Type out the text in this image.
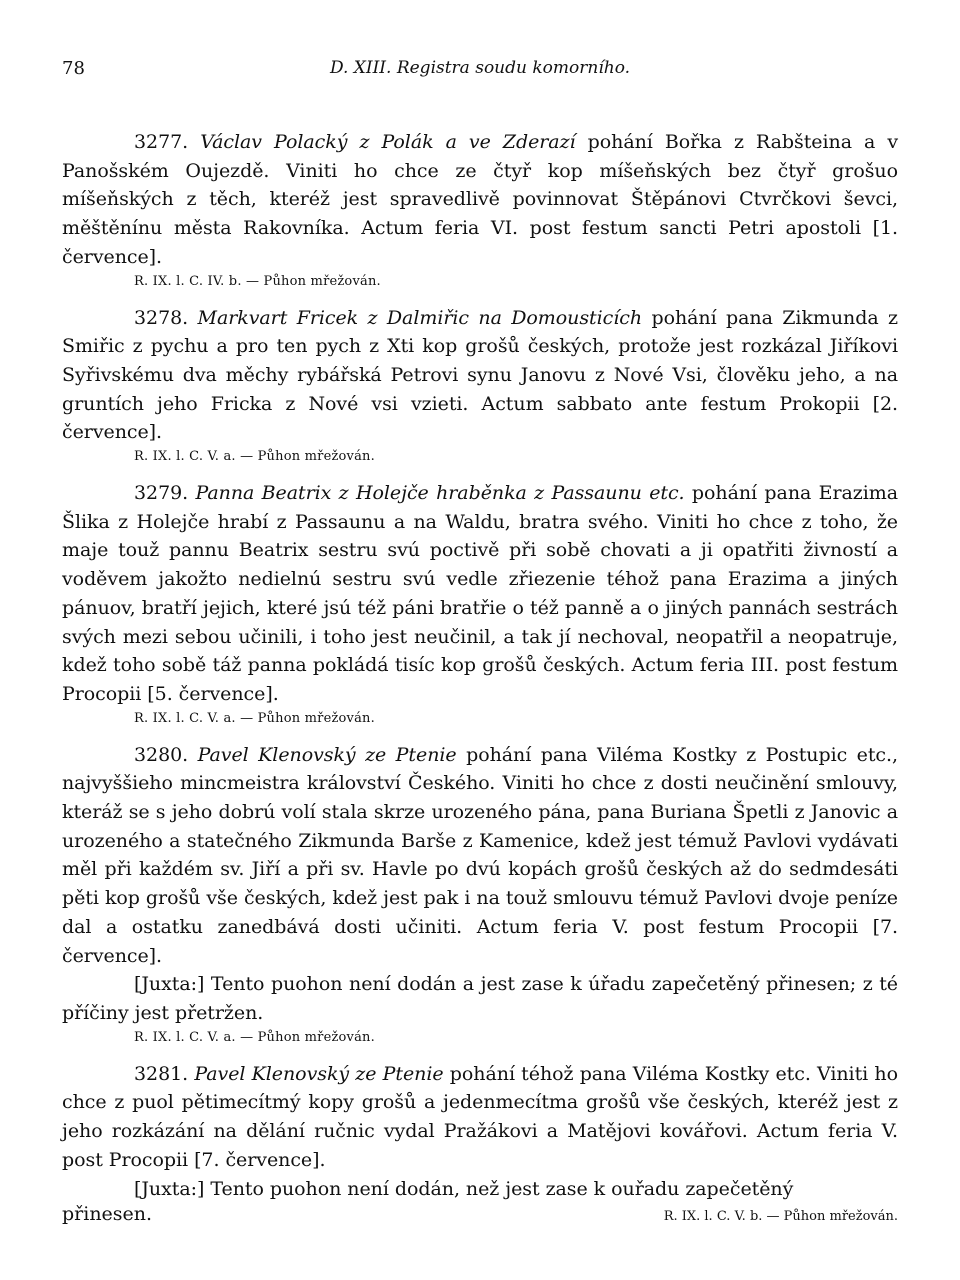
78	D. XIII. Registra soudu komorního.

3277. Václav Polacký z Polák a ve Zderazí pohání Bořka z Rabšteina a v Panošském Oujezdě. Viniti ho chce ze čtyř kop míšeňských bez čtyř grošuo míšeňských z těch, kteréž jest spravedlivě povinnovat Štěpánovi Ctvrčkovi ševci, měštěnínu města Rakovníka. Actum feria VI. post festum sancti Petri apostoli [1. července].

R. IX. l. C. IV. b. — Půhon mřežován.

3278. Markvart Fricek z Dalmiřic na Domousticích pohání pana Zikmunda z Smiřic z pychu a pro ten pych z Xti kop grošů českých, protože jest rozkázal Jiříkovi Syřivskému dva měchy rybářská Petrovi synu Janovu z Nové Vsi, člověku jeho, a na gruntích jeho Fricka z Nové vsi vzieti. Actum sabbato ante festum Prokopii [2. července].

R. IX. l. C. V. a. — Půhon mřežován.

3279. Panna Beatrix z Holejče hraběnka z Passaunu etc. pohání pana Erazima Šlika z Holejče hrabí z Passaunu a na Waldu, bratra svého. Viniti ho chce z toho, že maje touž pannu Beatrix sestru svú poctivě při sobě chovati a ji opatřiti živností a voděvem jakožto nedielnú sestru svú vedle zřiezenie téhož pana Erazima a jiných pánuov, bratří jejich, které jsú též páni bratřie o též panně a o jiných pannách sestrách svých mezi sebou učinili, i toho jest neučinil, a tak jí nechoval, neopatřil a neopatruje, kdež toho sobě táž panna pokládá tisíc kop grošů českých. Actum feria III. post festum Procopii [5. července].

R. IX. l. C. V. a. — Půhon mřežován.

3280. Pavel Klenovský ze Ptenie pohání pana Viléma Kostky z Postupic etc., najvyššieho mincmeistra království Českého. Viniti ho chce z dosti neučinění smlouvy, kteráž se s jeho dobrú volí stala skrze urozeného pána, pana Buriana Špetli z Janovic a urozeného a statečného Zikmunda Barše z Kamenice, kdež jest témuž Pavlovi vydávati měl při každém sv. Jiří a při sv. Havle po dvú kopách grošů českých až do sedmdesáti pěti kop grošů vše českých, kdež jest pak i na touž smlouvu témuž Pavlovi dvoje peníze dal a ostatku zanedbává dosti učiniti. Actum feria V. post festum Procopii [7. července].

[Juxta:] Tento puohon není dodán a jest zase k úřadu zapečetěný přinesen; z té příčiny jest přetržen.

R. IX. l. C. V. a. — Půhon mřežován.

3281. Pavel Klenovský ze Ptenie pohání téhož pana Viléma Kostky etc. Viniti ho chce z puol pětimecítmý kopy grošů a jedenmecítma grošů vše českých, kteréž jest z jeho rozkázání na dělání ručnic vydal Pražákovi a Matějovi kovářovi. Actum feria V. post Procopii [7. července].

[Juxta:] Tento puohon není dodán, než jest zase k ouřadu zapečetěný

přinesen.	R. IX. l. C. V. b. — Půhon mřežován.
